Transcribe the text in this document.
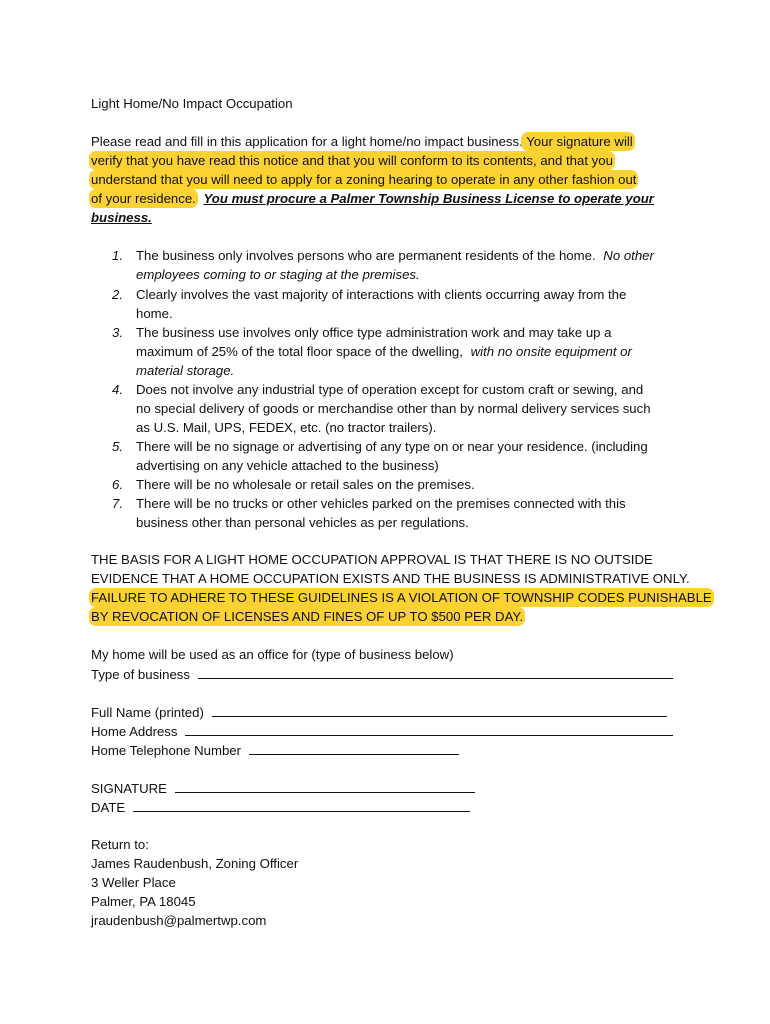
Light Home/No Impact Occupation
Please read and fill in this application for a light home/no impact business. Your signature will
verify that you have read this notice and that you will conform to its contents, and that you
understand that you will need to apply for a zoning hearing to operate in any other fashion out
of your residence. You must procure a Palmer Township Business License to operate your
business.
1. The business only involves persons who are permanent residents of the home. No other
employees coming to or staging at the premises.
2. Clearly involves the vast majority of interactions with clients occurring away from the
home.
3. The business use involves only office type administration work and may take up a
maximum of 25% of the total floor space of the dwelling, with no onsite equipment or
material storage.
4. Does not involve any industrial type of operation except for custom craft or sewing, and
no special delivery of goods or merchandise other than by normal delivery services such
as U.S. Mail, UPS, FEDEX, etc. (no tractor trailers).
5. There will be no signage or advertising of any type on or near your residence. (including
advertising on any vehicle attached to the business)
6. There will be no wholesale or retail sales on the premises.
7. There will be no trucks or other vehicles parked on the premises connected with this
business other than personal vehicles as per regulations.
THE BASIS FOR A LIGHT HOME OCCUPATION APPROVAL IS THAT THERE IS NO OUTSIDE
EVIDENCE THAT A HOME OCCUPATION EXISTS AND THE BUSINESS IS ADMINISTRATIVE ONLY.
FAILURE TO ADHERE TO THESE GUIDELINES IS A VIOLATION OF TOWNSHIP CODES PUNISHABLE
BY REVOCATION OF LICENSES AND FINES OF UP TO $500 PER DAY.
My home will be used as an office for (type of business below)
Type of business
Full Name (printed)
Home Address
Home Telephone Number
SIGNATURE
DATE
Return to:
James Raudenbush, Zoning Officer
3 Weller Place
Palmer, PA 18045
jraudenbush@palmertwp.com
